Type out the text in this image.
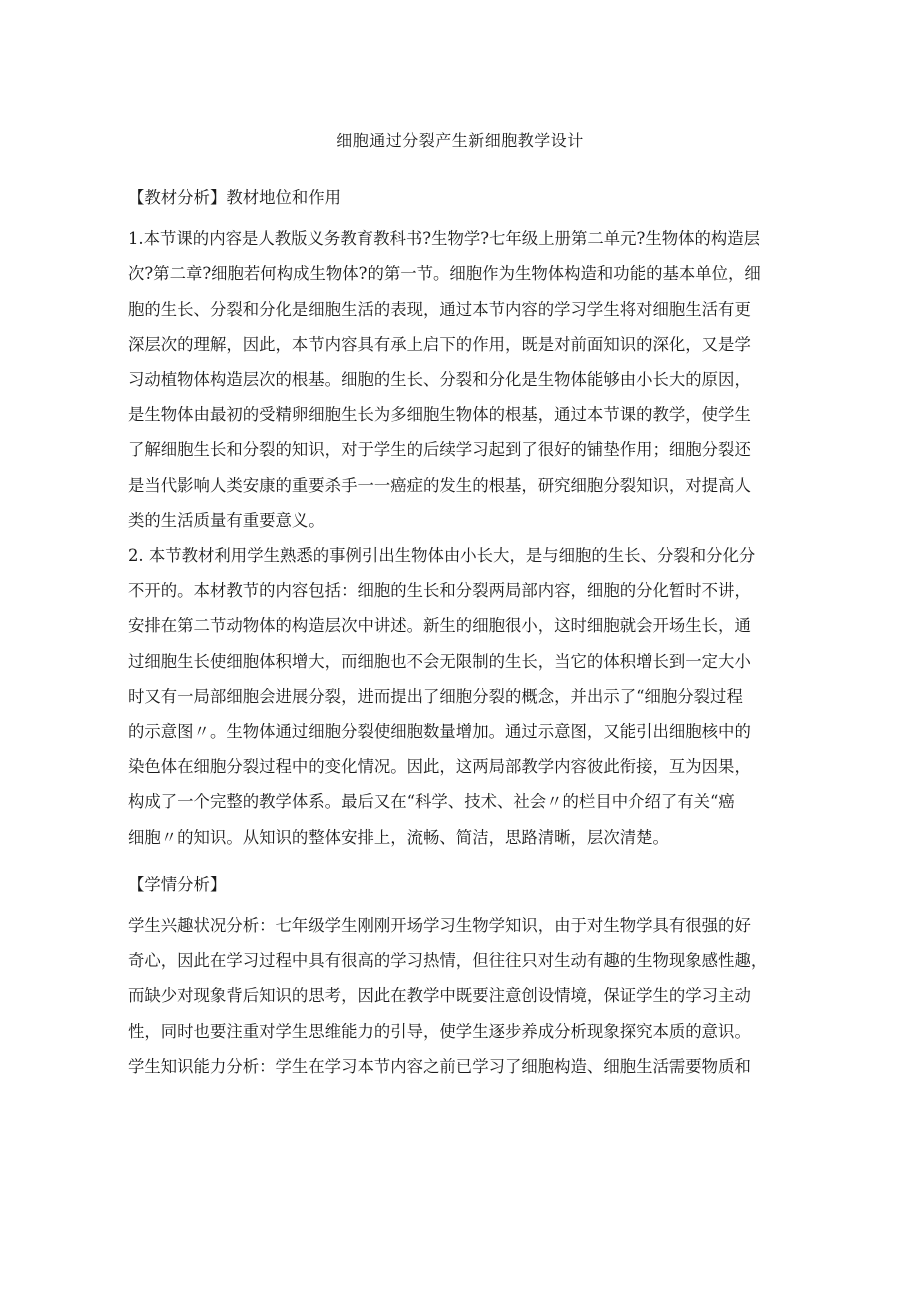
细胞通过分裂产生新细胞教学设计

【教材分析】教材地位和作用

1.本节课的内容是人教版义务教育教科书?生物学?七年级上册第二单元?生物体的构造层
次?第二章?细胞若何构成生物体?的第一节。细胞作为生物体构造和功能的基本单位，细
胞的生长、分裂和分化是细胞生活的表现，通过本节内容的学习学生将对细胞生活有更
深层次的理解，因此，本节内容具有承上启下的作用，既是对前面知识的深化，又是学
习动植物体构造层次的根基。细胞的生长、分裂和分化是生物体能够由小长大的原因，
是生物体由最初的受精卵细胞生长为多细胞生物体的根基，通过本节课的教学，使学生
了解细胞生长和分裂的知识，对于学生的后续学习起到了很好的铺垫作用；细胞分裂还
是当代影响人类安康的重要杀手一一癌症的发生的根基，研究细胞分裂知识，对提高人
类的生活质量有重要意义。
2. 本节教材利用学生熟悉的事例引出生物体由小长大，是与细胞的生长、分裂和分化分
不开的。本材教节的内容包括：细胞的生长和分裂两局部内容，细胞的分化暂时不讲，
安排在第二节动物体的构造层次中讲述。新生的细胞很小，这时细胞就会开场生长，通
过细胞生长使细胞体积增大，而细胞也不会无限制的生长，当它的体积增长到一定大小
时又有一局部细胞会进展分裂，进而提出了细胞分裂的概念，并出示了“细胞分裂过程
的示意图〃。生物体通过细胞分裂使细胞数量增加。通过示意图，又能引出细胞核中的
染色体在细胞分裂过程中的变化情况。因此，这两局部教学内容彼此衔接，互为因果，
构成了一个完整的教学体系。最后又在“科学、技术、社会〃的栏目中介绍了有关“癌
细胞〃的知识。从知识的整体安排上，流畅、简洁，思路清晰，层次清楚。

【学情分析】

学生兴趣状况分析：七年级学生刚刚开场学习生物学知识，由于对生物学具有很强的好
奇心，因此在学习过程中具有很高的学习热情，但往往只对生动有趣的生物现象感性趣，
而缺少对现象背后知识的思考，因此在教学中既要注意创设情境，保证学生的学习主动
性，同时也要注重对学生思维能力的引导，使学生逐步养成分析现象探究本质的意识。
学生知识能力分析：学生在学习本节内容之前已学习了细胞构造、细胞生活需要物质和
